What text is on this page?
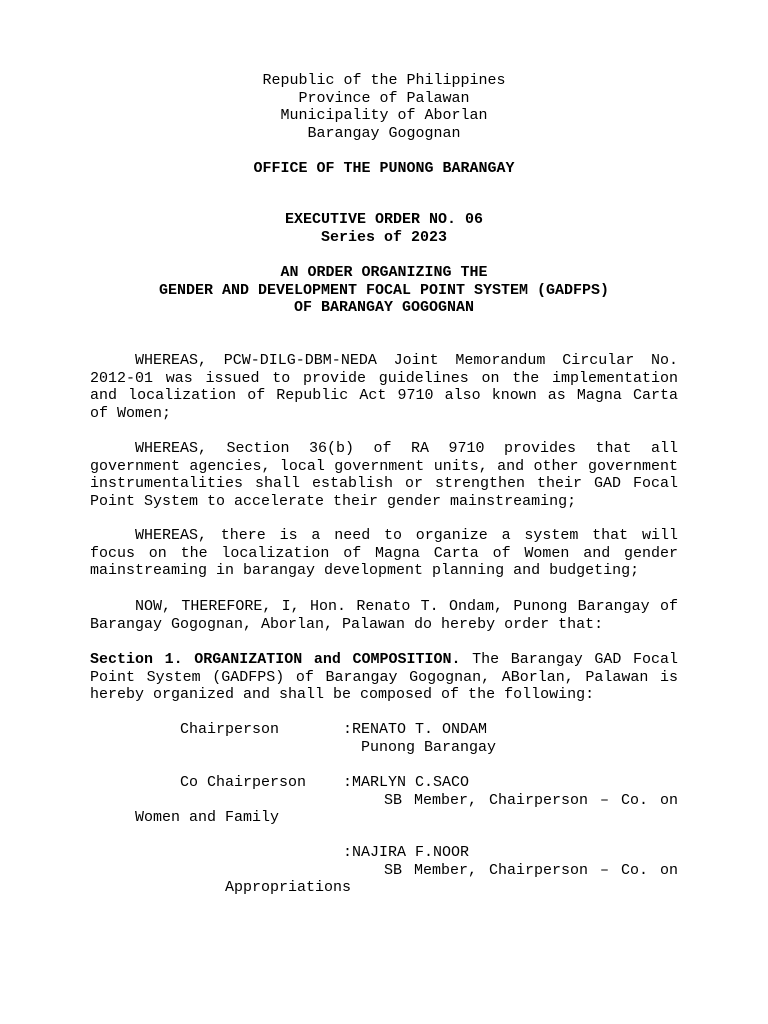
Republic of the Philippines
Province of Palawan
Municipality of Aborlan
Barangay Gogognan
OFFICE OF THE PUNONG BARANGAY
EXECUTIVE ORDER NO. 06
Series of 2023
AN ORDER ORGANIZING THE
GENDER AND DEVELOPMENT FOCAL POINT SYSTEM (GADFPS)
OF BARANGAY GOGOGNAN
WHEREAS, PCW-DILG-DBM-NEDA Joint Memorandum Circular No. 2012-01 was issued to provide guidelines on the implementation and localization of Republic Act 9710 also known as Magna Carta of Women;
WHEREAS, Section 36(b) of RA 9710 provides that all government agencies, local government units, and other government instrumentalities shall establish or strengthen their GAD Focal Point System to accelerate their gender mainstreaming;
WHEREAS, there is a need to organize a system that will focus on the localization of Magna Carta of Women and gender mainstreaming in barangay development planning and budgeting;
NOW, THEREFORE, I, Hon. Renato T. Ondam, Punong Barangay of Barangay Gogognan, Aborlan, Palawan do hereby order that:
Section 1. ORGANIZATION and COMPOSITION. The Barangay GAD Focal Point System (GADFPS) of Barangay Gogognan, ABorlan, Palawan is hereby organized and shall be composed of the following:
Chairperson	:RENATO T. ONDAM
Punong Barangay
Co Chairperson :MARLYN C.SACO
SB Member, Chairperson – Co. on
Women and Family
:NAJIRA F.NOOR
SB Member, Chairperson – Co. on
Appropriations
